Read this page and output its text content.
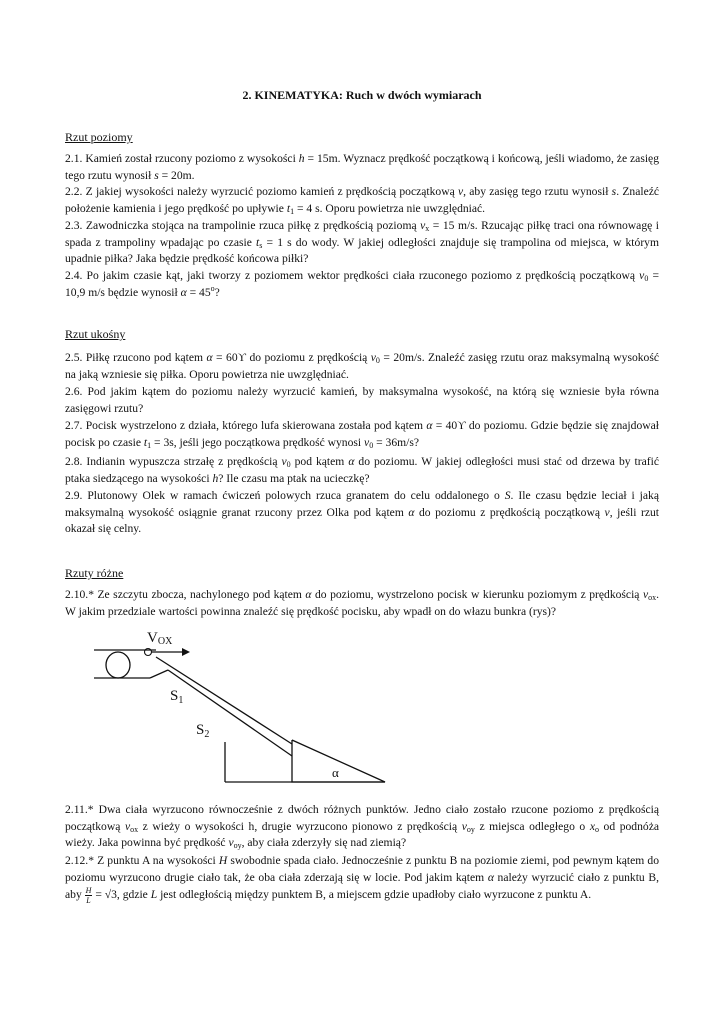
2. KINEMATYKA: Ruch w dwóch wymiarach
Rzut poziomy
2.1. Kamień został rzucony poziomo z wysokości h = 15m. Wyznacz prędkość początkową i końcową, jeśli wiadomo, że zasięg tego rzutu wynosił s = 20m.
2.2. Z jakiej wysokości należy wyrzucić poziomo kamień z prędkością początkową v, aby zasięg tego rzutu wynosił s. Znaleźć położenie kamienia i jego prędkość po upływie $t_1 = 4$ s. Oporu powietrza nie uwzględniać.
2.3. Zawodniczka stojąca na trampolinie rzuca piłkę z prędkością poziomą $v_x = 15$ m/s. Rzucając piłkę traci ona równowagę i spada z trampoliny wpadając po czasie $t_s = 1$ s do wody. W jakiej odległości znajduje się trampolina od miejsca, w którym upadnie piłka? Jaka będzie prędkość końcowa piłki?
2.4. Po jakim czasie kąt, jaki tworzy z poziomem wektor prędkości ciała rzuconego poziomo z prędkością początkową $v_0 = 10,9$ m/s będzie wynosił $\alpha = 45^o$?
Rzut ukośny
2.5. Piłkę rzucono pod kątem α = 60ϒ do poziomu z prędkością $v_0 = 20m/s$. Znaleźć zasięg rzutu oraz maksymalną wysokość na jaką wzniesie się piłka. Oporu powietrza nie uwzględniać.
2.6. Pod jakim kątem do poziomu należy wyrzucić kamień, by maksymalna wysokość, na którą się wzniesie była równa zasięgowi rzutu?
2.7. Pocisk wystrzelono z działa, którego lufa skierowana została pod kątem α = 40ϒ do poziomu. Gdzie będzie się znajdował pocisk po czasie $t_1 = 3s$, jeśli jego początkowa prędkość wynosi $v_0 = 36m/s$?
2.8. Indianin wypuszcza strzałę z prędkością $v_0$ pod kątem α do poziomu. W jakiej odległości musi stać od drzewa by trafić ptaka siedzącego na wysokości h? Ile czasu ma ptak na ucieczkę?
2.9. Plutonowy Olek w ramach ćwiczeń polowych rzuca granatem do celu oddalonego o S. Ile czasu będzie leciał i jaką maksymalną wysokość osiągnie granat rzucony przez Olka pod kątem α do poziomu z prędkością początkową v, jeśli rzut okazał się celny.
Rzuty różne
2.10.* Ze szczytu zbocza, nachylonego pod kątem α do poziomu, wystrzelono pocisk w kierunku poziomym z prędkością $v_{ox}$. W jakim przedziale wartości powinna znaleźć się prędkość pocisku, aby wpadł on do włazu bunkra (rys)?
2.11.* Dwa ciała wyrzucono równocześnie z dwóch różnych punktów. Jedno ciało zostało rzucone poziomo z prędkością początkową $v_{ox}$ z wieży o wysokości h, drugie wyrzucono pionowo z prędkością $v_{oy}$ z miejsca odległego o $x_o$ od podnóża wieży. Jaka powinna być prędkość $v_{oy}$, aby ciała zderzyły się nad ziemią?
2.12.* Z punktu A na wysokości H swobodnie spada ciało. Jednocześnie z punktu B na poziomie ziemi, pod pewnym kątem do poziomu wyrzucono drugie ciało tak, że oba ciała zderzają się w locie. Pod jakim kątem α należy wyrzucić ciało z punktu B, aby $\frac{H}{L} = √3$, gdzie L jest odległością między punktem B, a miejscem gdzie upadłoby ciało wyrzucone z punktu A.
VOX
$S_1$
$S_2$
α
